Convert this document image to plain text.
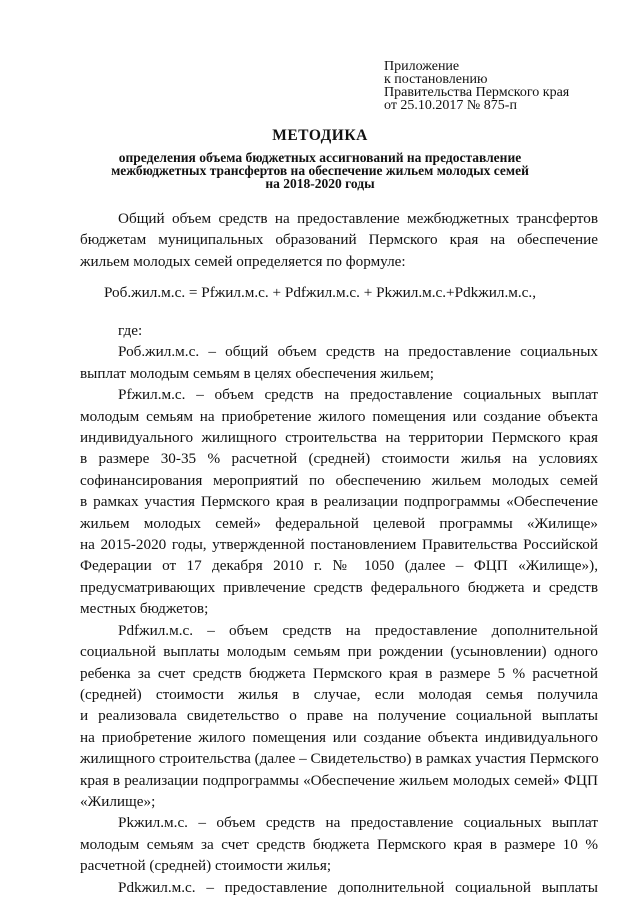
Приложение
к постановлению
Правительства Пермского края
от 25.10.2017 № 875-п
МЕТОДИКА
определения объема бюджетных ассигнований на предоставление
межбюджетных трансфертов на обеспечение жильем молодых семей
на 2018-2020 годы

Общий объем средств на предоставление межбюджетных трансфертов

бюджетам муниципальных образований Пермского края на обеспечение

жильем молодых семей определяется по формуле:

Роб.жил.м.с. = Рfжил.м.с. + Рdfжил.м.с. + Рkжил.м.с.+Рdkжил.м.с.,
где:
Роб.жил.м.с. – общий объем средств на предоставление социальных
выплат молодым семьям в целях обеспечения жильем;
Рfжил.м.с. – объем средств на предоставление социальных выплат
молодым семьям на приобретение жилого помещения или создание объекта
индивидуального жилищного строительства на территории Пермского края
в размере 30-35 % расчетной (средней) стоимости жилья на условиях
софинансирования мероприятий по обеспечению жильем молодых семей
в рамках участия Пермского края в реализации подпрограммы «Обеспечение
жильем молодых семей» федеральной целевой программы «Жилище»
на 2015-2020 годы, утвержденной постановлением Правительства Российской
Федерации от 17 декабря 2010 г. № 1050 (далее – ФЦП «Жилище»),
предусматривающих привлечение средств федерального бюджета и средств
местных бюджетов;
Рdfжил.м.с. – объем средств на предоставление дополнительной
социальной выплаты молодым семьям при рождении (усыновлении) одного
ребенка за счет средств бюджета Пермского края в размере 5 % расчетной
(средней) стоимости жилья в случае, если молодая семья получила
и реализовала свидетельство о праве на получение социальной выплаты
на приобретение жилого помещения или создание объекта индивидуального
жилищного строительства (далее – Свидетельство) в рамках участия Пермского
края в реализации подпрограммы «Обеспечение жильем молодых семей» ФЦП
«Жилище»;
Рkжил.м.с. – объем средств на предоставление социальных выплат
молодым семьям за счет средств бюджета Пермского края в размере 10 %
расчетной (средней) стоимости жилья;
Рdkжил.м.с. – предоставление дополнительной социальной выплаты
